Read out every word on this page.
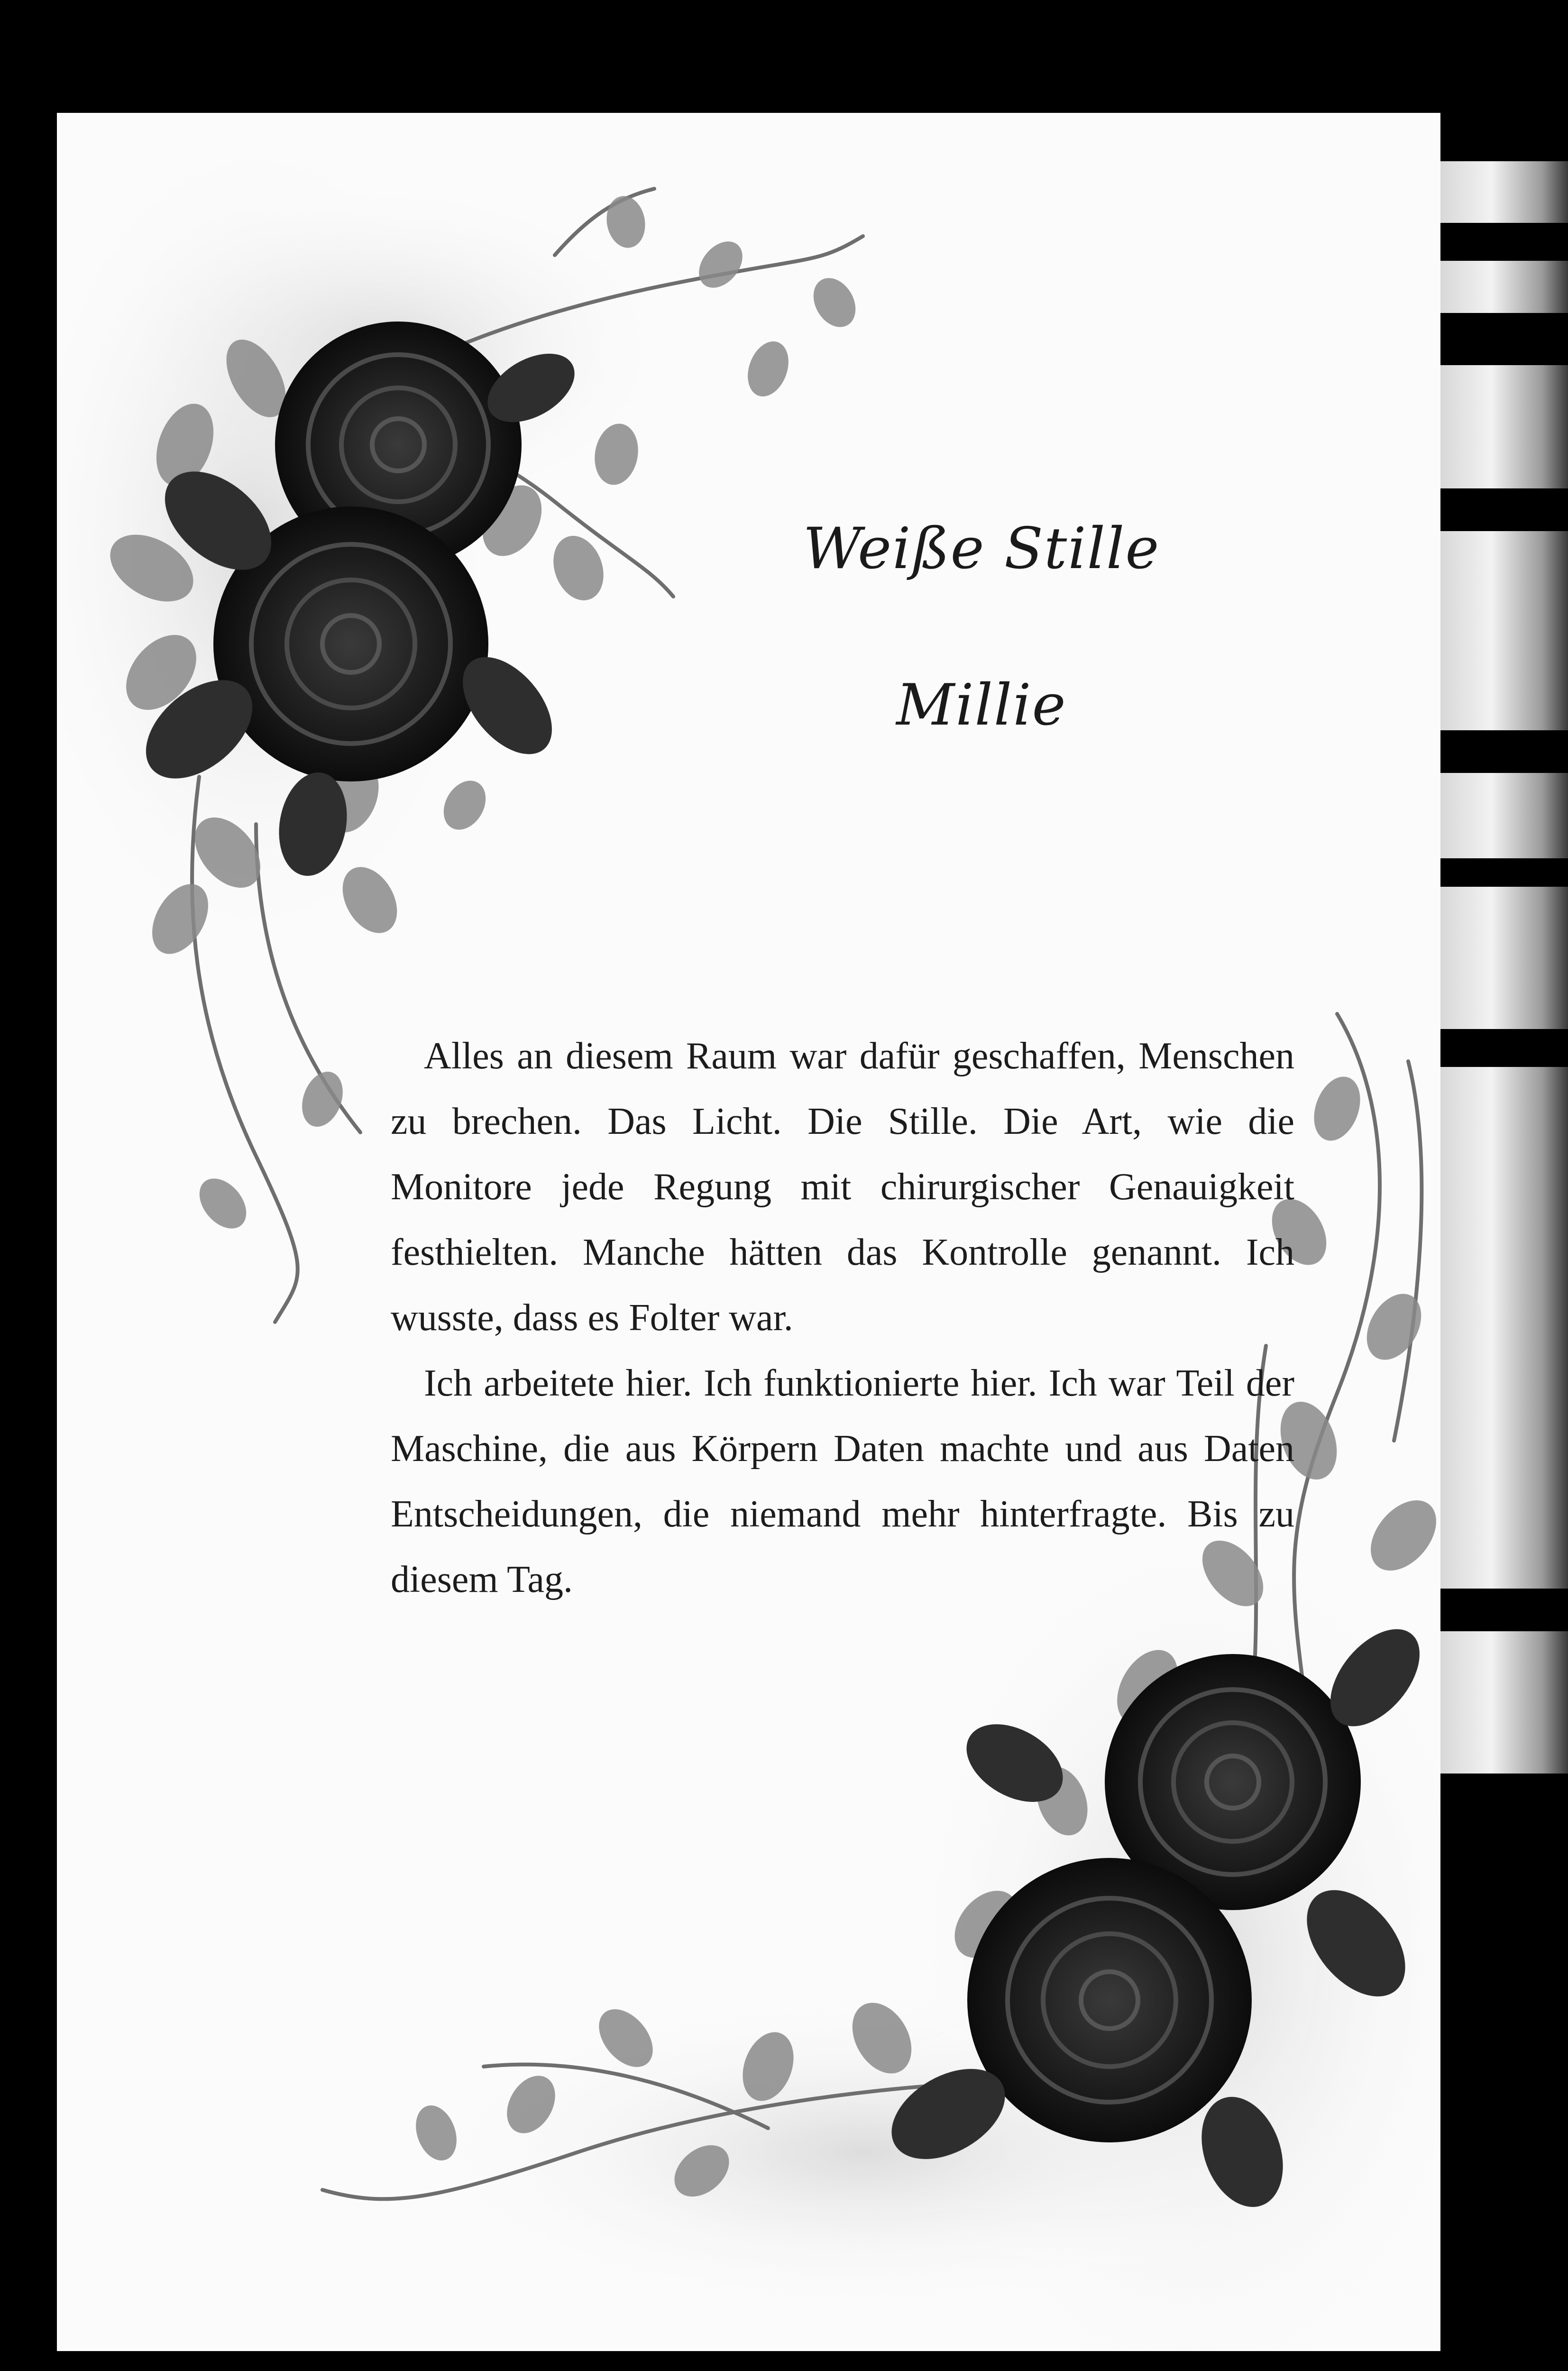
Weiße Stille
Millie

Alles an diesem Raum war dafür geschaffen, Menschen zu brechen. Das Licht. Die Stille. Die Art, wie die Monitore jede Regung mit chirurgischer Genauigkeit festhielten. Manche hätten das Kontrolle genannt. Ich wusste, dass es Folter war.

Ich arbeitete hier. Ich funktionierte hier. Ich war Teil der Maschine, die aus Körpern Daten machte und aus Daten Entscheidungen, die niemand mehr hinterfragte. Bis zu diesem Tag.
